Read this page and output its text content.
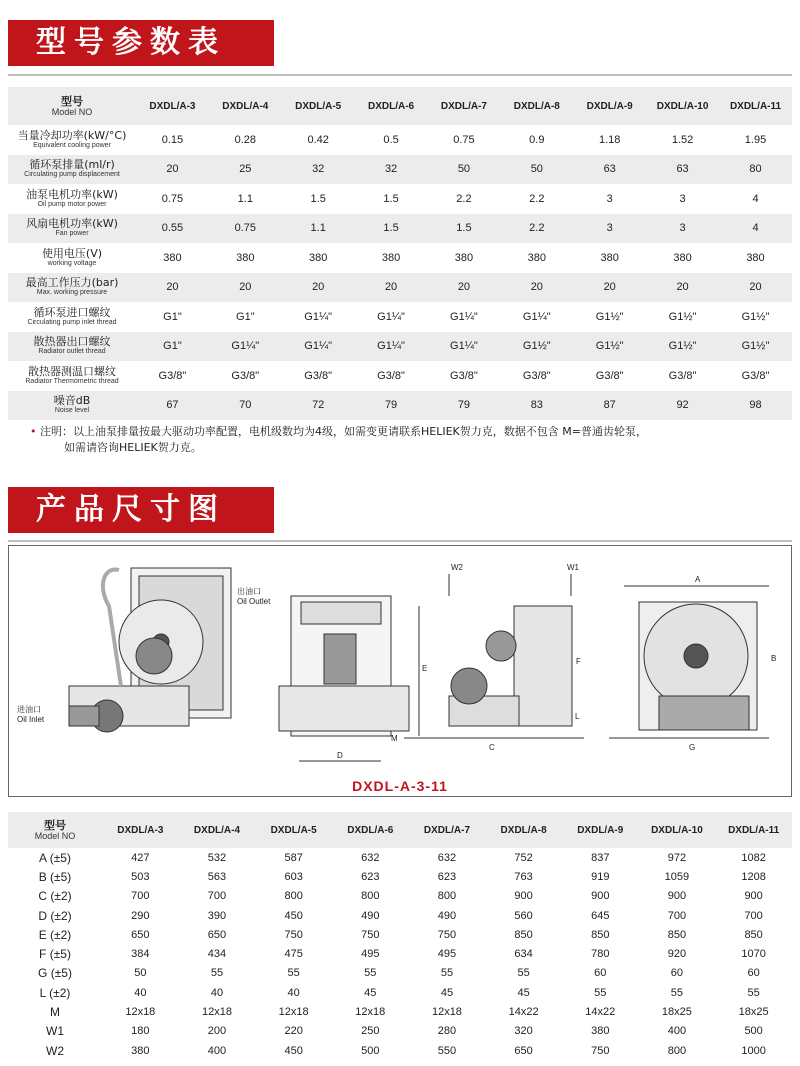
型号参数表
型号
Model NO	DXDL/A-3	DXDL/A-4	DXDL/A-5	DXDL/A-6	DXDL/A-7	DXDL/A-8	DXDL/A-9	DXDL/A-10	DXDL/A-11

当量冷却功率(kW/°C)
Equivalent cooling power	0.15	0.28	0.42	0.5	0.75	0.9	1.18	1.52	1.95

循环泵排量(ml/r)
Circulating pump displacement	20	25	32	32	50	50	63	63	80

油泵电机功率(kW)
Oil pump motor power	0.75	1.1	1.5	1.5	2.2	2.2	3	3	4

风扇电机功率(kW)
Fan power	0.55	0.75	1.1	1.5	1.5	2.2	3	3	4

使用电压(V)
working voltage	380	380	380	380	380	380	380	380	380

最高工作压力(bar)
Max. working pressure	20	20	20	20	20	20	20	20	20

循环泵进口螺纹
Circulating pump inlet thread	G1"	G1"	G1¼"	G1¼"	G1¼"	G1¼"	G1½"	G1½"	G1½"

散热器出口螺纹
Radiator outlet thread	G1"	G1¼"	G1¼"	G1¼"	G1¼"	G1½"	G1½"	G1½"	G1½"

散热器测温口螺纹
Radiator Thermometric thread	G3/8"	G3/8"	G3/8"	G3/8"	G3/8"	G3/8"	G3/8"	G3/8"	G3/8"

噪音dB
Noise level	67	70	72	79	79	83	87	92	98
• 注明：以上油泵排量按最大驱动功率配置，电机级数均为4级，如需变更请联系HELIEK贺力克，数据不包含 M=普通齿轮泵，
如需请咨询HELIEK贺力克。
产品尺寸图
出油口
Oil Outlet
进油口
Oil Inlet
D
E
M
C
W2	W1
F
L
A
B
G
DXDL-A-3-11
型号
Model NO	DXDL/A-3	DXDL/A-4	DXDL/A-5	DXDL/A-6	DXDL/A-7	DXDL/A-8	DXDL/A-9	DXDL/A-10	DXDL/A-11
A (±5)	427	532	587	632	632	752	837	972	1082
B (±5)	503	563	603	623	623	763	919	1059	1208
C (±2)	700	700	800	800	800	900	900	900	900
D (±2)	290	390	450	490	490	560	645	700	700
E (±2)	650	650	750	750	750	850	850	850	850
F (±5)	384	434	475	495	495	634	780	920	1070
G (±5)	50	55	55	55	55	55	60	60	60
L (±2)	40	40	40	45	45	45	55	55	55
M	12x18	12x18	12x18	12x18	12x18	14x22	14x22	18x25	18x25
W1	180	200	220	250	280	320	380	400	500
W2	380	400	450	500	550	650	750	800	1000
